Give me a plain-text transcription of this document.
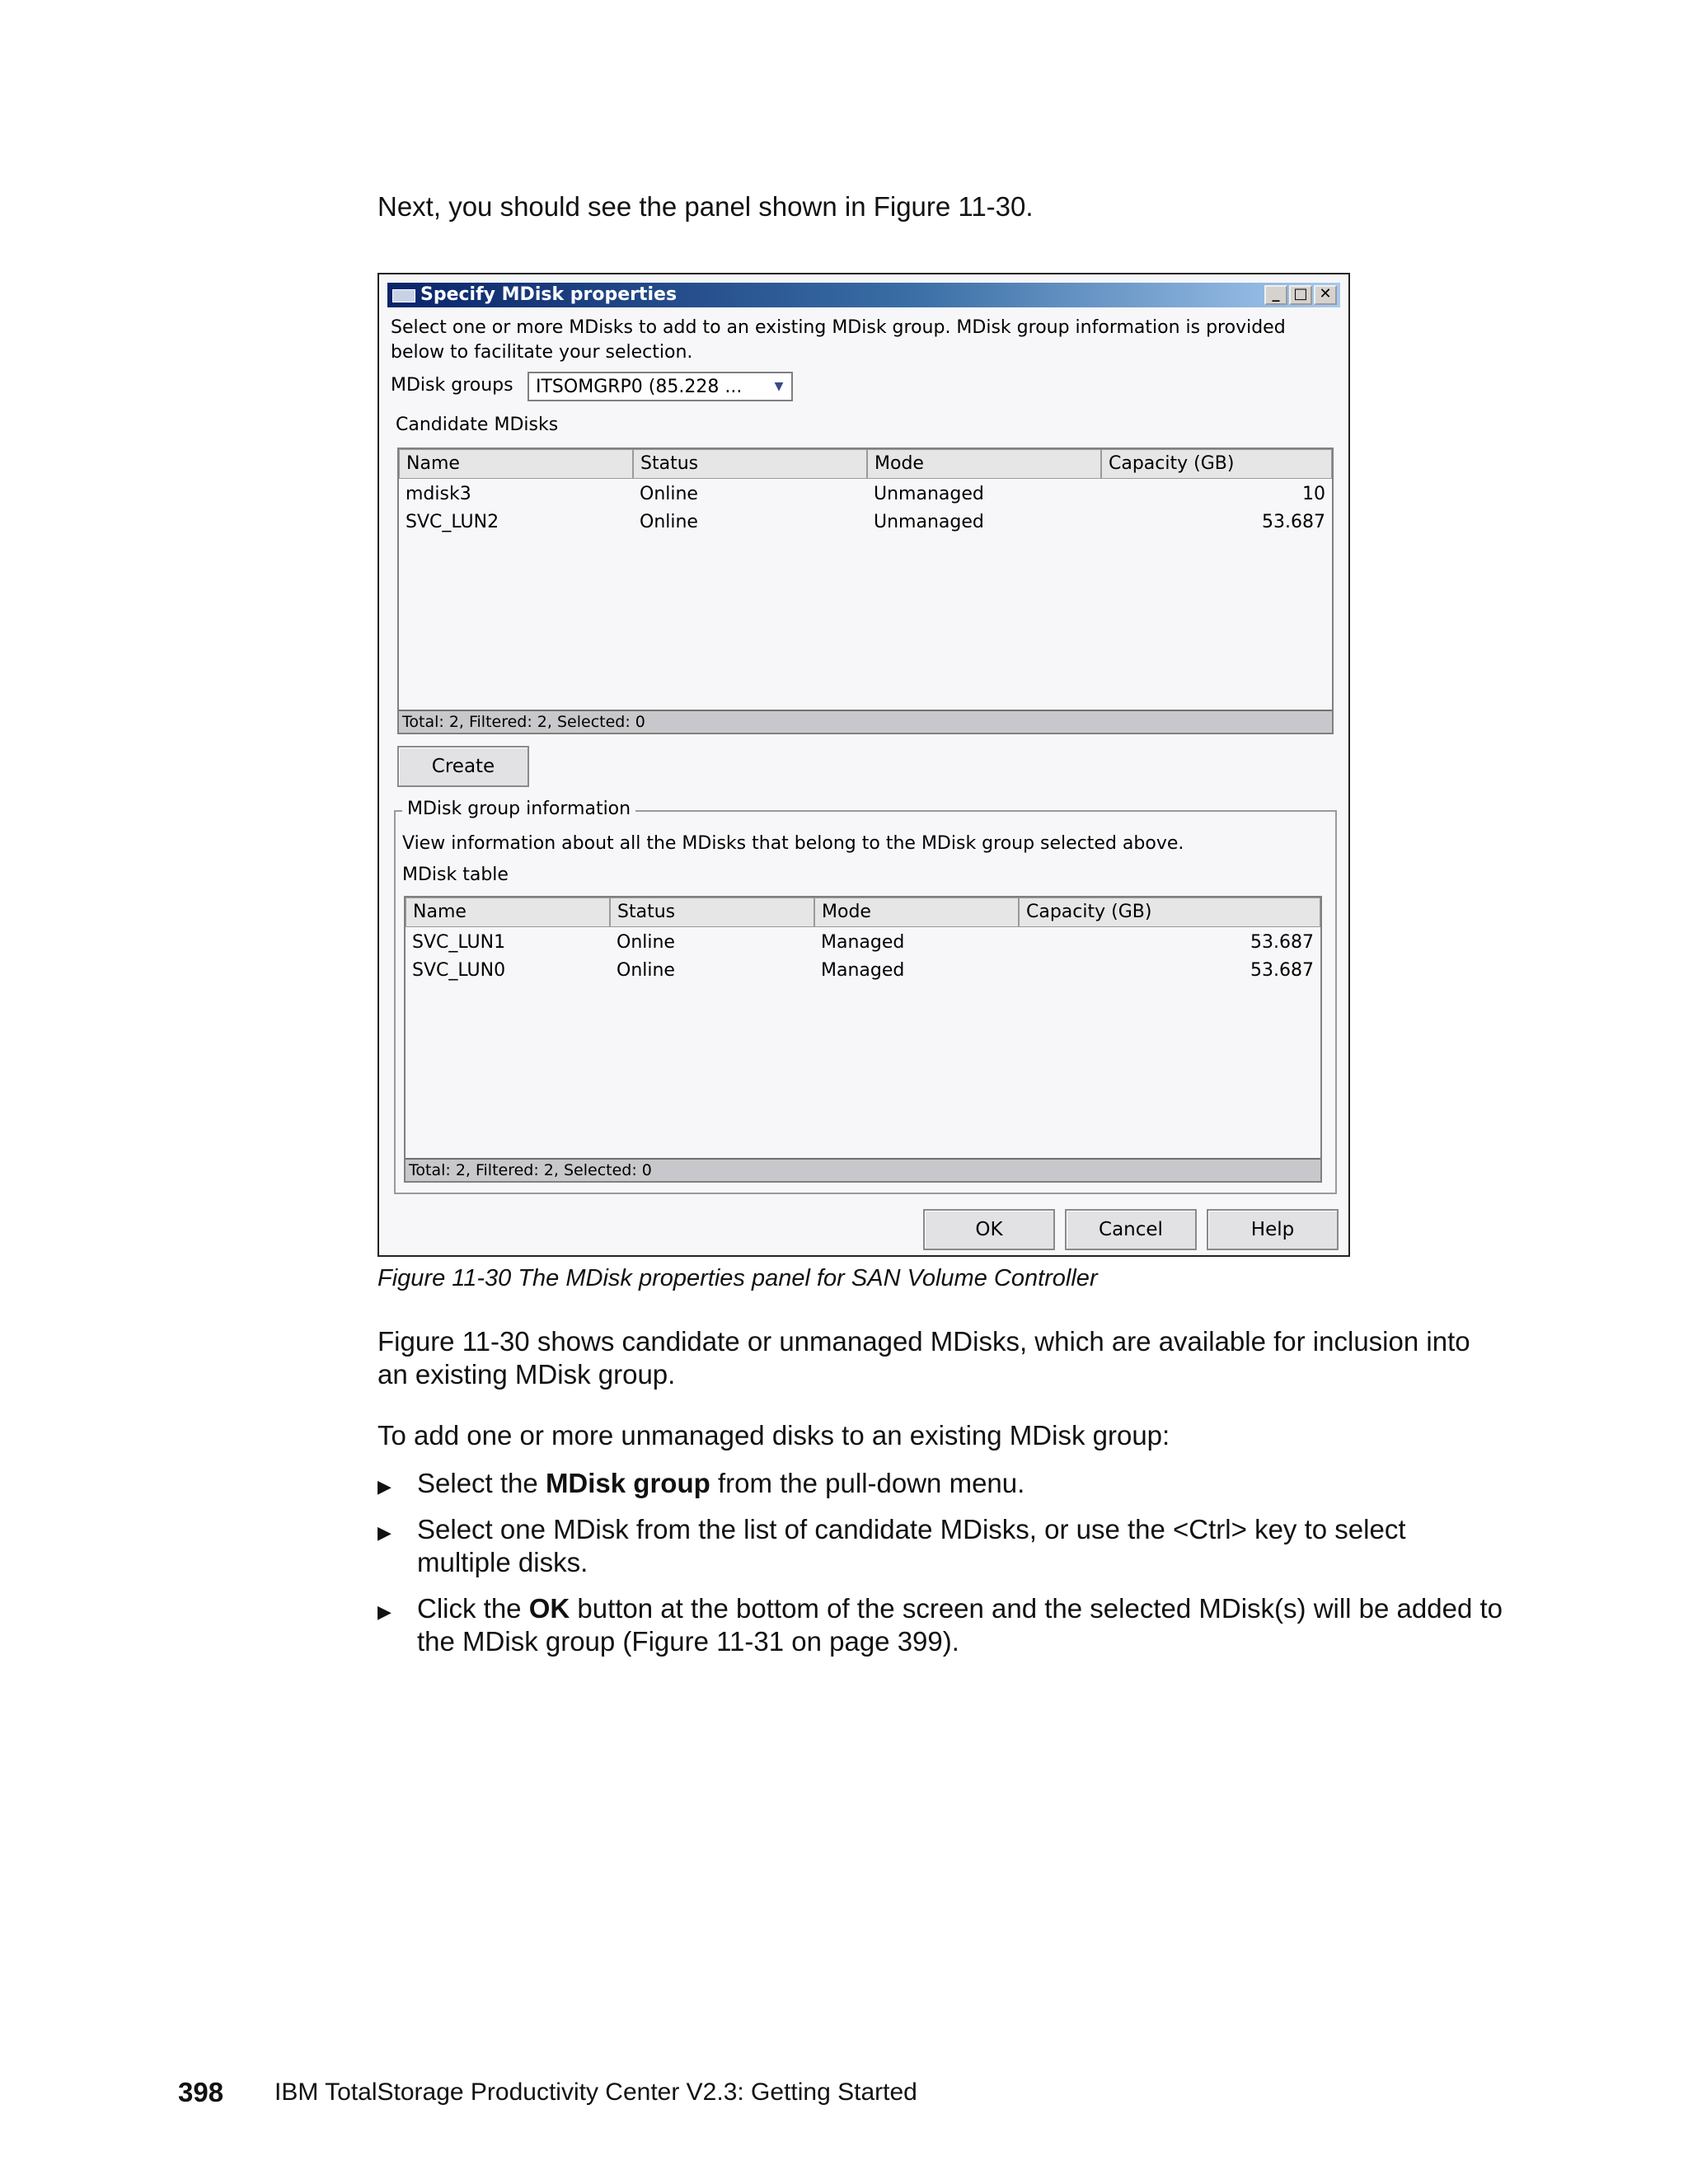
Next, you should see the panel shown in Figure 11-30.
Specify MDisk properties	_ □ ✕
Select one or more MDisks to add to an existing MDisk group. MDisk group information is provided below to facilitate your selection.
MDisk groups ITSOMGRP0 (85.228 ...	▼
Candidate MDisks
Name	Status	Mode	Capacity (GB)
mdisk3	Online	Unmanaged	10
SVC_LUN2	Online	Unmanaged	53.687
Total: 2, Filtered: 2, Selected: 0
Create
MDisk group information
View information about all the MDisks that belong to the MDisk group selected above.
MDisk table
Name	Status	Mode	Capacity (GB)
SVC_LUN1	Online	Managed	53.687
SVC_LUN0	Online	Managed	53.687
Total: 2, Filtered: 2, Selected: 0
OK	Cancel	Help
Figure 11-30 The MDisk properties panel for SAN Volume Controller
Figure 11-30 shows candidate or unmanaged MDisks, which are available for inclusion into an existing MDisk group.
To add one or more unmanaged disks to an existing MDisk group:
▶ Select the MDisk group from the pull-down menu.
▶ Select one MDisk from the list of candidate MDisks, or use the <Ctrl> key to select multiple disks.
▶ Click the OK button at the bottom of the screen and the selected MDisk(s) will be added to the MDisk group (Figure 11-31 on page 399).
398 IBM TotalStorage Productivity Center V2.3: Getting Started
